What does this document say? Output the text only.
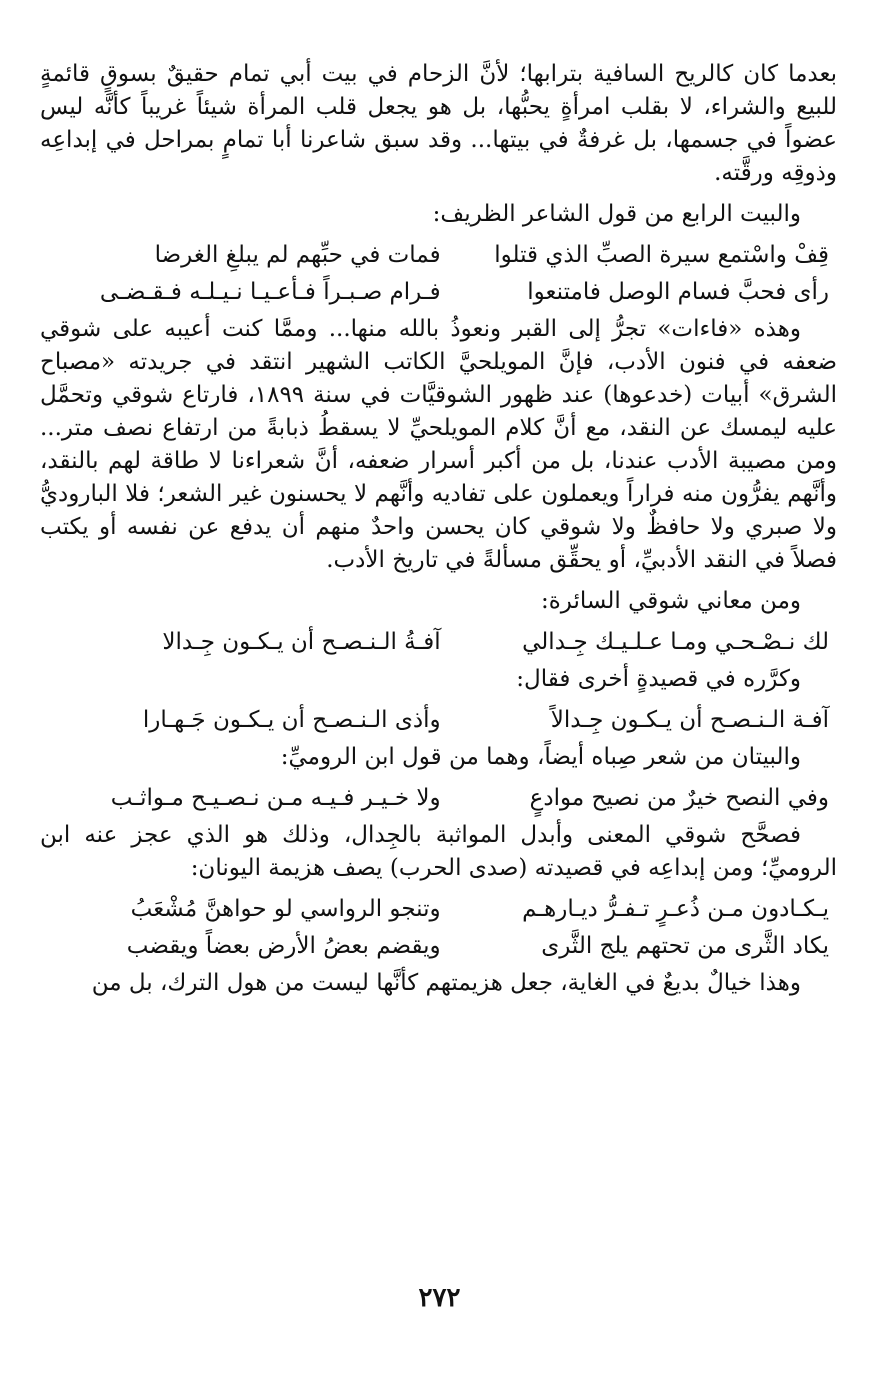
بعدما كان كالريح السافية بترابها؛ لأنَّ الزحام في بيت أبي تمام حقيقٌ بسوقٍ قائمةٍ للبيع والشراء، لا بقلب امرأةٍ يحبُّها، بل هو يجعل قلب المرأة شيئاً غريباً كأنَّه ليس عضواً في جسمها، بل غرفةٌ في بيتها... وقد سبق شاعرنا أبا تمامٍ بمراحل في إبداعِه وذوقِه ورقَّته.

والبيت الرابع من قول الشاعر الظريف:

قِفْ واسْتمع سيرة الصبِّ الذي قتلوا
فمات في حبِّهم لم يبلغِ الغرضا
رأى فحبَّ فسام الوصل فامتنعوا
فـرام صـبـراً فـأعـيـا نـيـلـه فـقـضـى

وهذه «فاءات» تجرُّ إلى القبر ونعوذُ بالله منها... وممَّا كنت أعيبه على شوقي ضعفه في فنون الأدب، فإنَّ المويلحيَّ الكاتب الشهير انتقد في جريدته «مصباح الشرق» أبيات (خدعوها) عند ظهور الشوقيَّات في سنة ١٨٩٩، فارتاع شوقي وتحمَّل عليه ليمسك عن النقد، مع أنَّ كلام المويلحيِّ لا يسقطُ ذبابةً من ارتفاع نصف متر... ومن مصيبة الأدب عندنا، بل من أكبر أسرار ضعفه، أنَّ شعراءنا لا طاقة لهم بالنقد، وأنَّهم يفرُّون منه فراراً ويعملون على تفاديه وأنَّهم لا يحسنون غير الشعر؛ فلا الباروديُّ ولا صبري ولا حافظٌ ولا شوقي كان يحسن واحدٌ منهم أن يدفع عن نفسه أو يكتب فصلاً في النقد الأدبيِّ، أو يحقِّق مسألةً في تاريخ الأدب.

ومن معاني شوقي السائرة:

لك نـصْـحـي ومـا عـلـيـك جِـدالي
آفـةُ الـنـصـح أن يـكـون جِـدالا

وكرَّره في قصيدةٍ أخرى فقال:

آفـة الـنـصـح أن يـكـون جِـدالاً
وأذى الـنـصـح أن يـكـون جَـهـارا

والبيتان من شعر صِباه أيضاً، وهما من قول ابن الروميِّ:

وفي النصح خيرٌ من نصيح موادعٍ
ولا خـيـر فـيـه مـن نـصـيـح مـواثـب

فصحَّح شوقي المعنى وأبدل المواثبة بالجِدال، وذلك هو الذي عجز عنه ابن الروميِّ؛ ومن إبداعِه في قصيدته (صدى الحرب) يصف هزيمة اليونان:

يـكـادون مـن ذُعـرٍ تـفـرُّ ديـارهـم
وتنجو الرواسي لو حواهنَّ مُشْعَبُ
يكاد الثَّرى من تحتهم يلج الثَّرى
ويقضم بعضُ الأرض بعضاً ويقضب

وهذا خيالٌ بديعٌ في الغاية، جعل هزيمتهم كأنَّها ليست من هول الترك، بل من

٢٧٢
